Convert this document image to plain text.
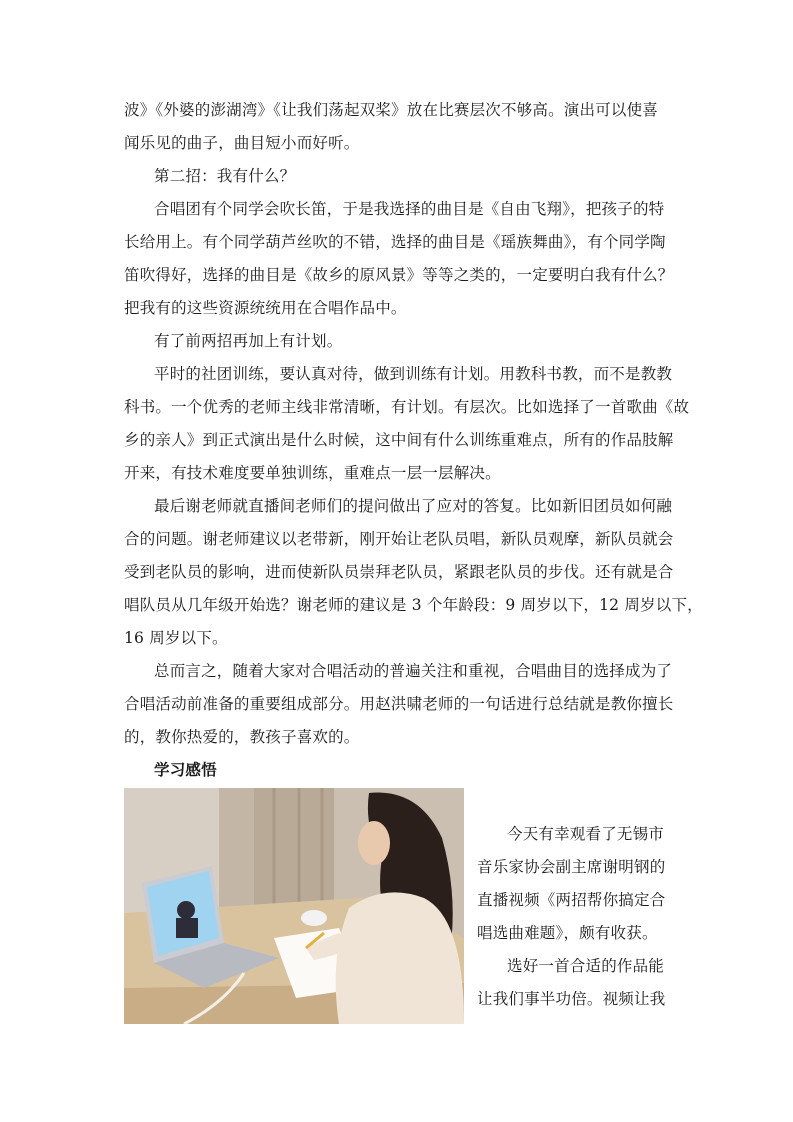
波》《外婆的澎湖湾》《让我们荡起双桨》放在比赛层次不够高。演出可以使喜
闻乐见的曲子，曲目短小而好听。
第二招：我有什么？
合唱团有个同学会吹长笛，于是我选择的曲目是《自由飞翔》，把孩子的特
长给用上。有个同学葫芦丝吹的不错，选择的曲目是《瑶族舞曲》，有个同学陶
笛吹得好，选择的曲目是《故乡的原风景》等等之类的，一定要明白我有什么？
把我有的这些资源统统用在合唱作品中。
有了前两招再加上有计划。
平时的社团训练，要认真对待，做到训练有计划。用教科书教，而不是教教
科书。一个优秀的老师主线非常清晰，有计划。有层次。比如选择了一首歌曲《故
乡的亲人》到正式演出是什么时候，这中间有什么训练重难点，所有的作品肢解
开来，有技术难度要单独训练，重难点一层一层解决。
最后谢老师就直播间老师们的提问做出了应对的答复。比如新旧团员如何融
合的问题。谢老师建议以老带新，刚开始让老队员唱，新队员观摩，新队员就会
受到老队员的影响，进而使新队员崇拜老队员，紧跟老队员的步伐。还有就是合
唱队员从几年级开始选？谢老师的建议是 3 个年龄段：9 周岁以下，12 周岁以下，
16 周岁以下。
总而言之，随着大家对合唱活动的普遍关注和重视，合唱曲目的选择成为了
合唱活动前准备的重要组成部分。用赵洪啸老师的一句话进行总结就是教你擅长
的，教你热爱的，教孩子喜欢的。
学习感悟
今天有幸观看了无锡市
音乐家协会副主席谢明钢的
直播视频《两招帮你搞定合
唱选曲难题》，颇有收获。
选好一首合适的作品能
让我们事半功倍。视频让我
